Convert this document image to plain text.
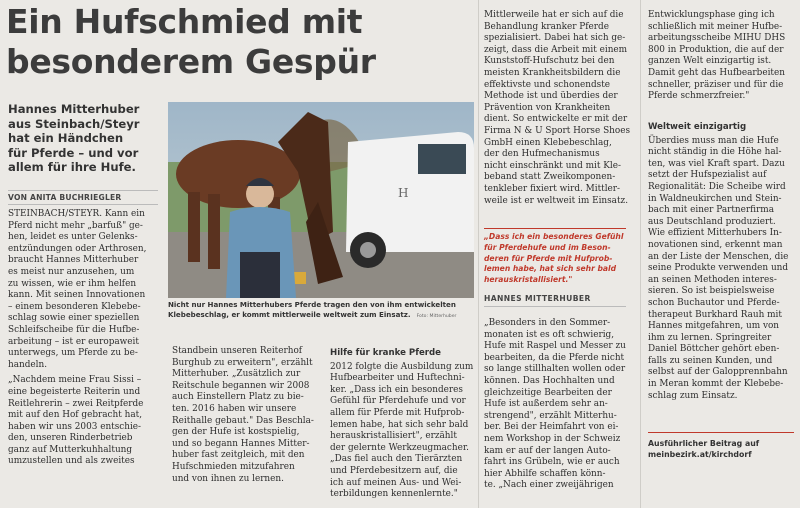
Ein Hufschmied mit
besonderem Gespür
Hannes Mitterhuber
aus Steinbach/Steyr
hat ein Händchen
für Pferde – und vor
allem für ihre Hufe.
VON ANITA BUCHRIEGLER
STEINBACH/STEYR. Kann ein
Pferd nicht mehr „barfuß" ge-
hen, leidet es unter Gelenks-
entzündungen oder Arthrosen,
braucht Hannes Mitterhuber
es meist nur anzusehen, um
zu wissen, wie er ihm helfen
kann. Mit seinen Innovationen
– einem besonderen Klebebe-
schlag sowie einer speziellen
Schleifscheibe für die Hufbe-
arbeitung – ist er europaweit
unterwegs, um Pferde zu be-
handeln.
„Nachdem meine Frau Sissi –
eine begeisterte Reiterin und
Reitlehrerin – zwei Reitpferde
mit auf den Hof gebracht hat,
haben wir uns 2003 entschie-
den, unseren Rinderbetrieb
ganz auf Mutterkuhhaltung
umzustellen und als zweites
H
Nicht nur Hannes Mitterhubers Pferde tragen den von ihm entwickelten
Klebebeschlag, er kommt mittlerweile weltweit zum Einsatz. Foto: Mitterhuber
Standbein unseren Reiterhof
Burghub zu erweitern", erzählt
Mitterhuber. „Zusätzlich zur
Reitschule begannen wir 2008
auch Einstellern Platz zu bie-
ten. 2016 haben wir unsere
Reithalle gebaut." Das Beschla-
gen der Hufe ist kostspielig,
und so begann Hannes Mitter-
huber fast zeitgleich, mit den
Hufschmieden mitzufahren
und von ihnen zu lernen.
Hilfe für kranke Pferde
2012 folgte die Ausbildung zum
Hufbearbeiter und Huftechni-
ker. „Dass ich ein besonderes
Gefühl für Pferdehufe und vor
allem für Pferde mit Hufprob-
lemen habe, hat sich sehr bald
herauskristallisiert", erzählt
der gelernte Werkzeugmacher.
„Das fiel auch den Tierärzten
und Pferdebesitzern auf, die
ich auf meinen Aus- und Wei-
terbildungen kennenlernte."
Mittlerweile hat er sich auf die
Behandlung kranker Pferde
spezialisiert. Dabei hat sich ge-
zeigt, dass die Arbeit mit einem
Kunststoff-Hufschutz bei den
meisten Krankheitsbildern die
effektivste und schonendste
Methode ist und überdies der
Prävention von Krankheiten
dient. So entwickelte er mit der
Firma N & U Sport Horse Shoes
GmbH einen Klebebeschlag,
der den Hufmechanismus
nicht einschränkt und mit Kle-
beband statt Zweikomponen-
tenkleber fixiert wird. Mittler-
weile ist er weltweit im Einsatz.
„Dass ich ein besonderes Gefühl
für Pferdehufe und im Beson-
deren für Pferde mit Hufprob-
lemen habe, hat sich sehr bald
herauskristallisiert."
HANNES MITTERHUBER
„Besonders in den Sommer-
monaten ist es oft schwierig,
Hufe mit Raspel und Messer zu
bearbeiten, da die Pferde nicht
so lange stillhalten wollen oder
können. Das Hochhalten und
gleichzeitige Bearbeiten der
Hufe ist außerdem sehr an-
strengend", erzählt Mitterhu-
ber. Bei der Heimfahrt von ei-
nem Workshop in der Schweiz
kam er auf der langen Auto-
fahrt ins Grübeln, wie er auch
hier Abhilfe schaffen könn-
te. „Nach einer zweijährigen
Entwicklungsphase ging ich
schließlich mit meiner Hufbe-
arbeitungsscheibe MIHU DHS
800 in Produktion, die auf der
ganzen Welt einzigartig ist.
Damit geht das Hufbearbeiten
schneller, präziser und für die
Pferde schmerzfreier."
Weltweit einzigartig
Überdies muss man die Hufe
nicht ständig in die Höhe hal-
ten, was viel Kraft spart. Dazu
setzt der Hufspezialist auf
Regionalität: Die Scheibe wird
in Waldneukirchen und Stein-
bach mit einer Partnerfirma
aus Deutschland produziert.
Wie effizient Mitterhubers In-
novationen sind, erkennt man
an der Liste der Menschen, die
seine Produkte verwenden und
an seinen Methoden interes-
sieren. So ist beispielsweise
schon Buchautor und Pferde-
therapeut Burkhard Rauh mit
Hannes mitgefahren, um von
ihm zu lernen. Springreiter
Daniel Böttcher gehört eben-
falls zu seinen Kunden, und
selbst auf der Galopprennbahn
in Meran kommt der Klebebe-
schlag zum Einsatz.
Ausführlicher Beitrag auf
meinbezirk.at/kirchdorf
